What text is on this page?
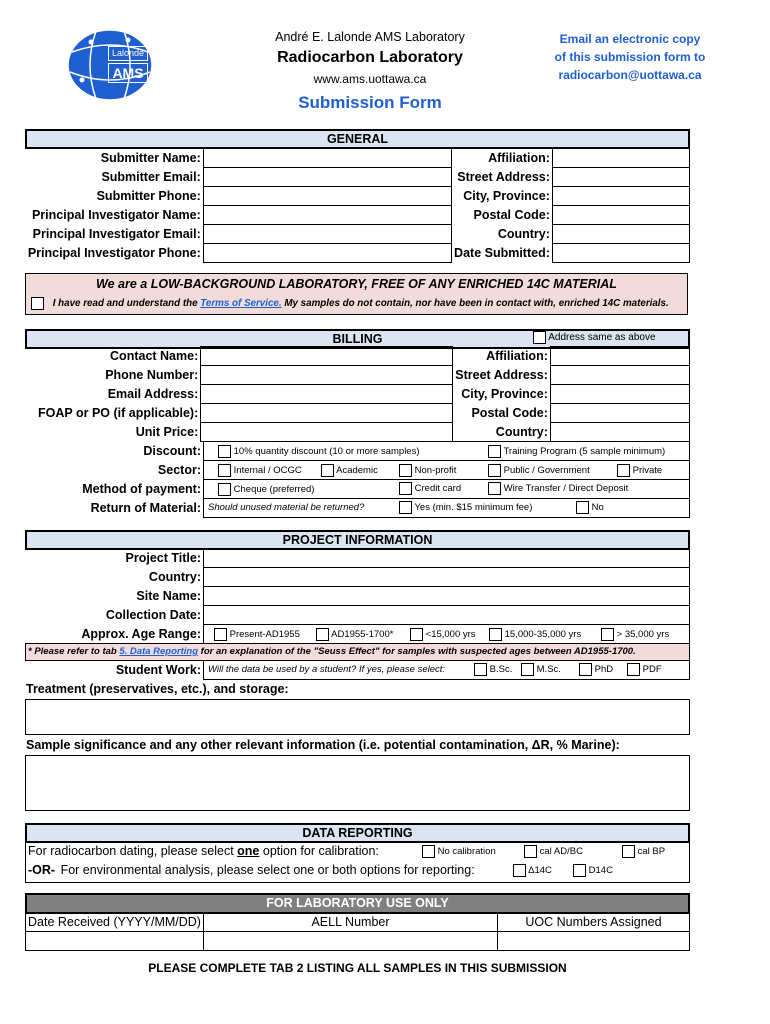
Lalonde
AMS
André E. Lalonde AMS Laboratory
Radiocarbon Laboratory
www.ams.uottawa.ca
Submission Form
Email an electronic copy
of this submission form to
radiocarbon@uottawa.ca
GENERAL
Submitter Name:		Affiliation:	
Submitter Email:		Street Address:	
Submitter Phone:		City, Province:	
Principal Investigator Name:		Postal Code:	
Principal Investigator Email:		Country:	
Principal Investigator Phone:		Date Submitted:	
We are a LOW-BACKGROUND LABORATORY, FREE OF ANY ENRICHED 14C MATERIAL
I have read and understand the Terms of Service. My samples do not contain, nor have been in contact with, enriched 14C materials.
BILLING	Address same as above
Contact Name:		Affiliation:	
Phone Number:		Street Address:	
Email Address:		City, Province:	
FOAP or PO (if applicable):		Postal Code:	
Unit Price:		Country:	
Discount:	10% quantity discount (10 or more samples) Training Program (5 sample minimum)

Sector:	Internal / OCGC Academic Non-profit Public / Government Private

Method of payment:	Cheque (preferred) Credit card Wire Transfer / Direct Deposit

Return of Material:	Should unused material be returned? Yes (min. $15 minimum fee) No
PROJECT INFORMATION
Project Title:	
Country:	
Site Name:	
Collection Date:	
Approx. Age Range:	Present-AD1955 AD1955-1700* <15,000 yrs 15,000-35,000 yrs > 35,000 yrs
* Please refer to tab 5. Data Reporting for an explanation of the "Seuss Effect" for samples with suspected ages between AD1955-1700.
Student Work:	Will the data be used by a student? If yes, please select:	B.Sc.	M.Sc.	PhD	PDF
Treatment (preservatives, etc.), and storage:
Sample significance and any other relevant information (i.e. potential contamination, ΔR, % Marine):
DATA REPORTING
For radiocarbon dating, please select one option for calibration:	No calibration	cal AD/BC	cal BP
-OR- For environmental analysis, please select one or both options for reporting:	Δ14C	D14C
FOR LABORATORY USE ONLY
Date Received (YYYY/MM/DD)	AELL Number	UOC Numbers Assigned

PLEASE COMPLETE TAB 2 LISTING ALL SAMPLES IN THIS SUBMISSION
